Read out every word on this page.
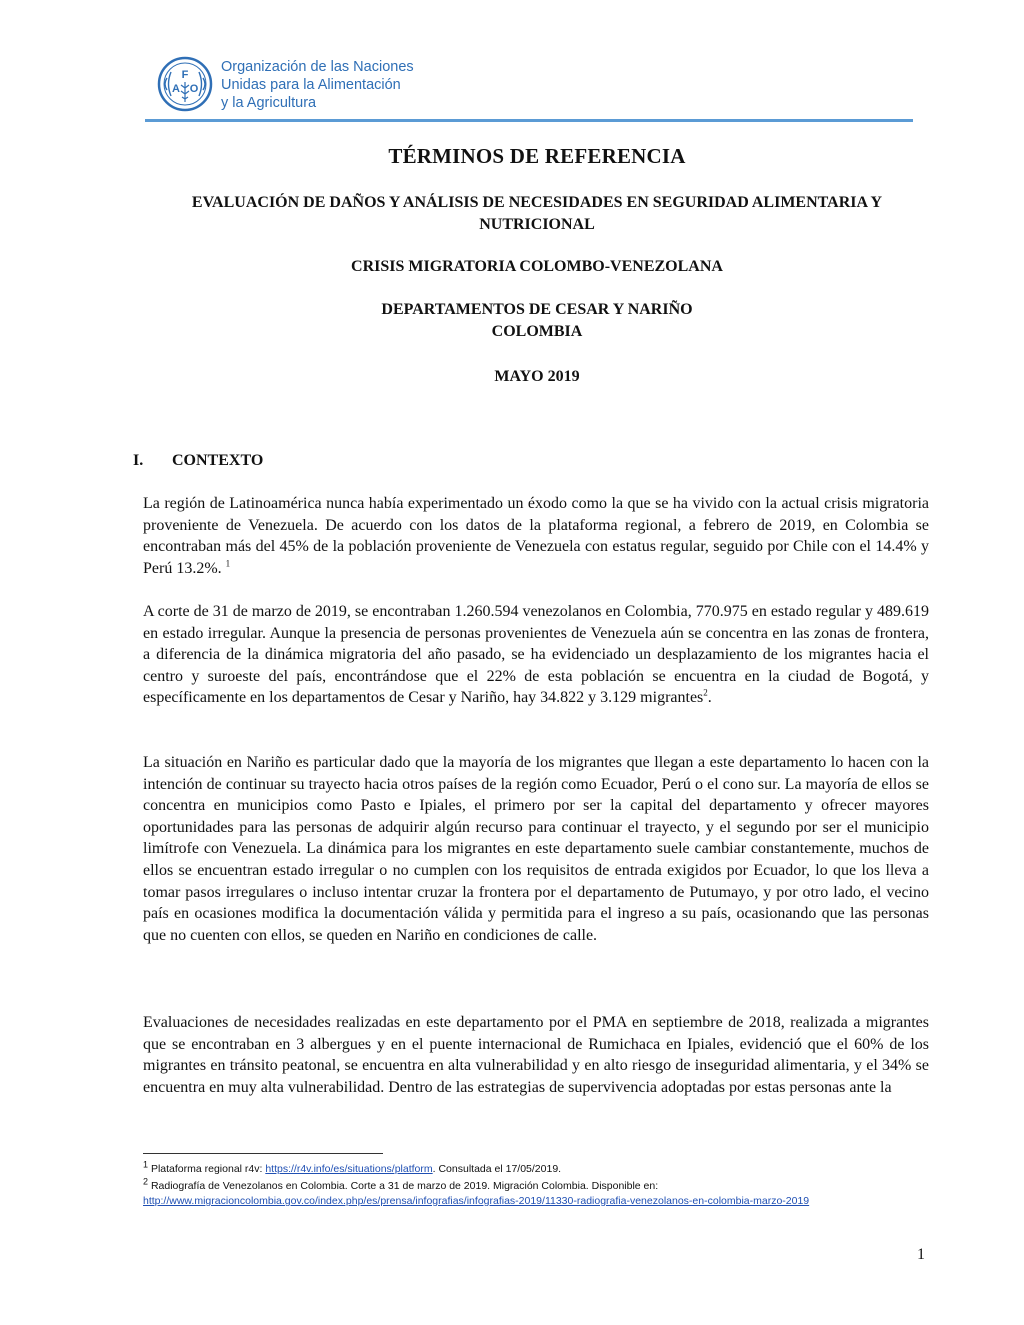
F
A O
Organización de las Naciones
Unidas para la Alimentación
y la Agricultura
TÉRMINOS DE REFERENCIA
EVALUACIÓN DE DAÑOS Y ANÁLISIS DE NECESIDADES EN SEGURIDAD ALIMENTARIA Y NUTRICIONAL
CRISIS MIGRATORIA COLOMBO-VENEZOLANA
DEPARTAMENTOS DE CESAR Y NARIÑO
COLOMBIA
MAYO 2019
I. CONTEXTO

La región de Latinoamérica nunca había experimentado un éxodo como la que se ha vivido con la actual crisis migratoria proveniente de Venezuela. De acuerdo con los datos de la plataforma regional, a febrero de 2019, en Colombia se encontraban más del 45% de la población proveniente de Venezuela con estatus regular, seguido por Chile con el 14.4% y Perú 13.2%. $^1$

A corte de 31 de marzo de 2019, se encontraban 1.260.594 venezolanos en Colombia, 770.975 en estado regular y 489.619 en estado irregular. Aunque la presencia de personas provenientes de Venezuela aún se concentra en las zonas de frontera, a diferencia de la dinámica migratoria del año pasado, se ha evidenciado un desplazamiento de los migrantes hacia el centro y suroeste del país, encontrándose que el 22% de esta población se encuentra en la ciudad de Bogotá, y específicamente en los departamentos de Cesar y Nariño, hay 34.822 y 3.129 migrantes$^2$.

La situación en Nariño es particular dado que la mayoría de los migrantes que llegan a este departamento lo hacen con la intención de continuar su trayecto hacia otros países de la región como Ecuador, Perú o el cono sur. La mayoría de ellos se concentra en municipios como Pasto e Ipiales, el primero por ser la capital del departamento y ofrecer mayores oportunidades para las personas de adquirir algún recurso para continuar el trayecto, y el segundo por ser el municipio limítrofe con Venezuela. La dinámica para los migrantes en este departamento suele cambiar constantemente, muchos de ellos se encuentran estado irregular o no cumplen con los requisitos de entrada exigidos por Ecuador, lo que los lleva a tomar pasos irregulares o incluso intentar cruzar la frontera por el departamento de Putumayo, y por otro lado, el vecino país en ocasiones modifica la documentación válida y permitida para el ingreso a su país, ocasionando que las personas que no cuenten con ellos, se queden en Nariño en condiciones de calle.

Evaluaciones de necesidades realizadas en este departamento por el PMA en septiembre de 2018, realizada a migrantes que se encontraban en 3 albergues y en el puente internacional de Rumichaca en Ipiales, evidenció que el 60% de los migrantes en tránsito peatonal, se encuentra en alta vulnerabilidad y en alto riesgo de inseguridad alimentaria, y el 34% se encuentra en muy alta vulnerabilidad. Dentro de las estrategias de supervivencia adoptadas por estas personas ante la

$^1$ Plataforma regional r4v: https://r4v.info/es/situations/platform. Consultada el 17/05/2019.
$^2$ Radiografía de Venezolanos en Colombia. Corte a 31 de marzo de 2019. Migración Colombia. Disponible en:
http://www.migracioncolombia.gov.co/index.php/es/prensa/infografias/infografias-2019/11330-radiografia-venezolanos-en-colombia-marzo-2019
1
